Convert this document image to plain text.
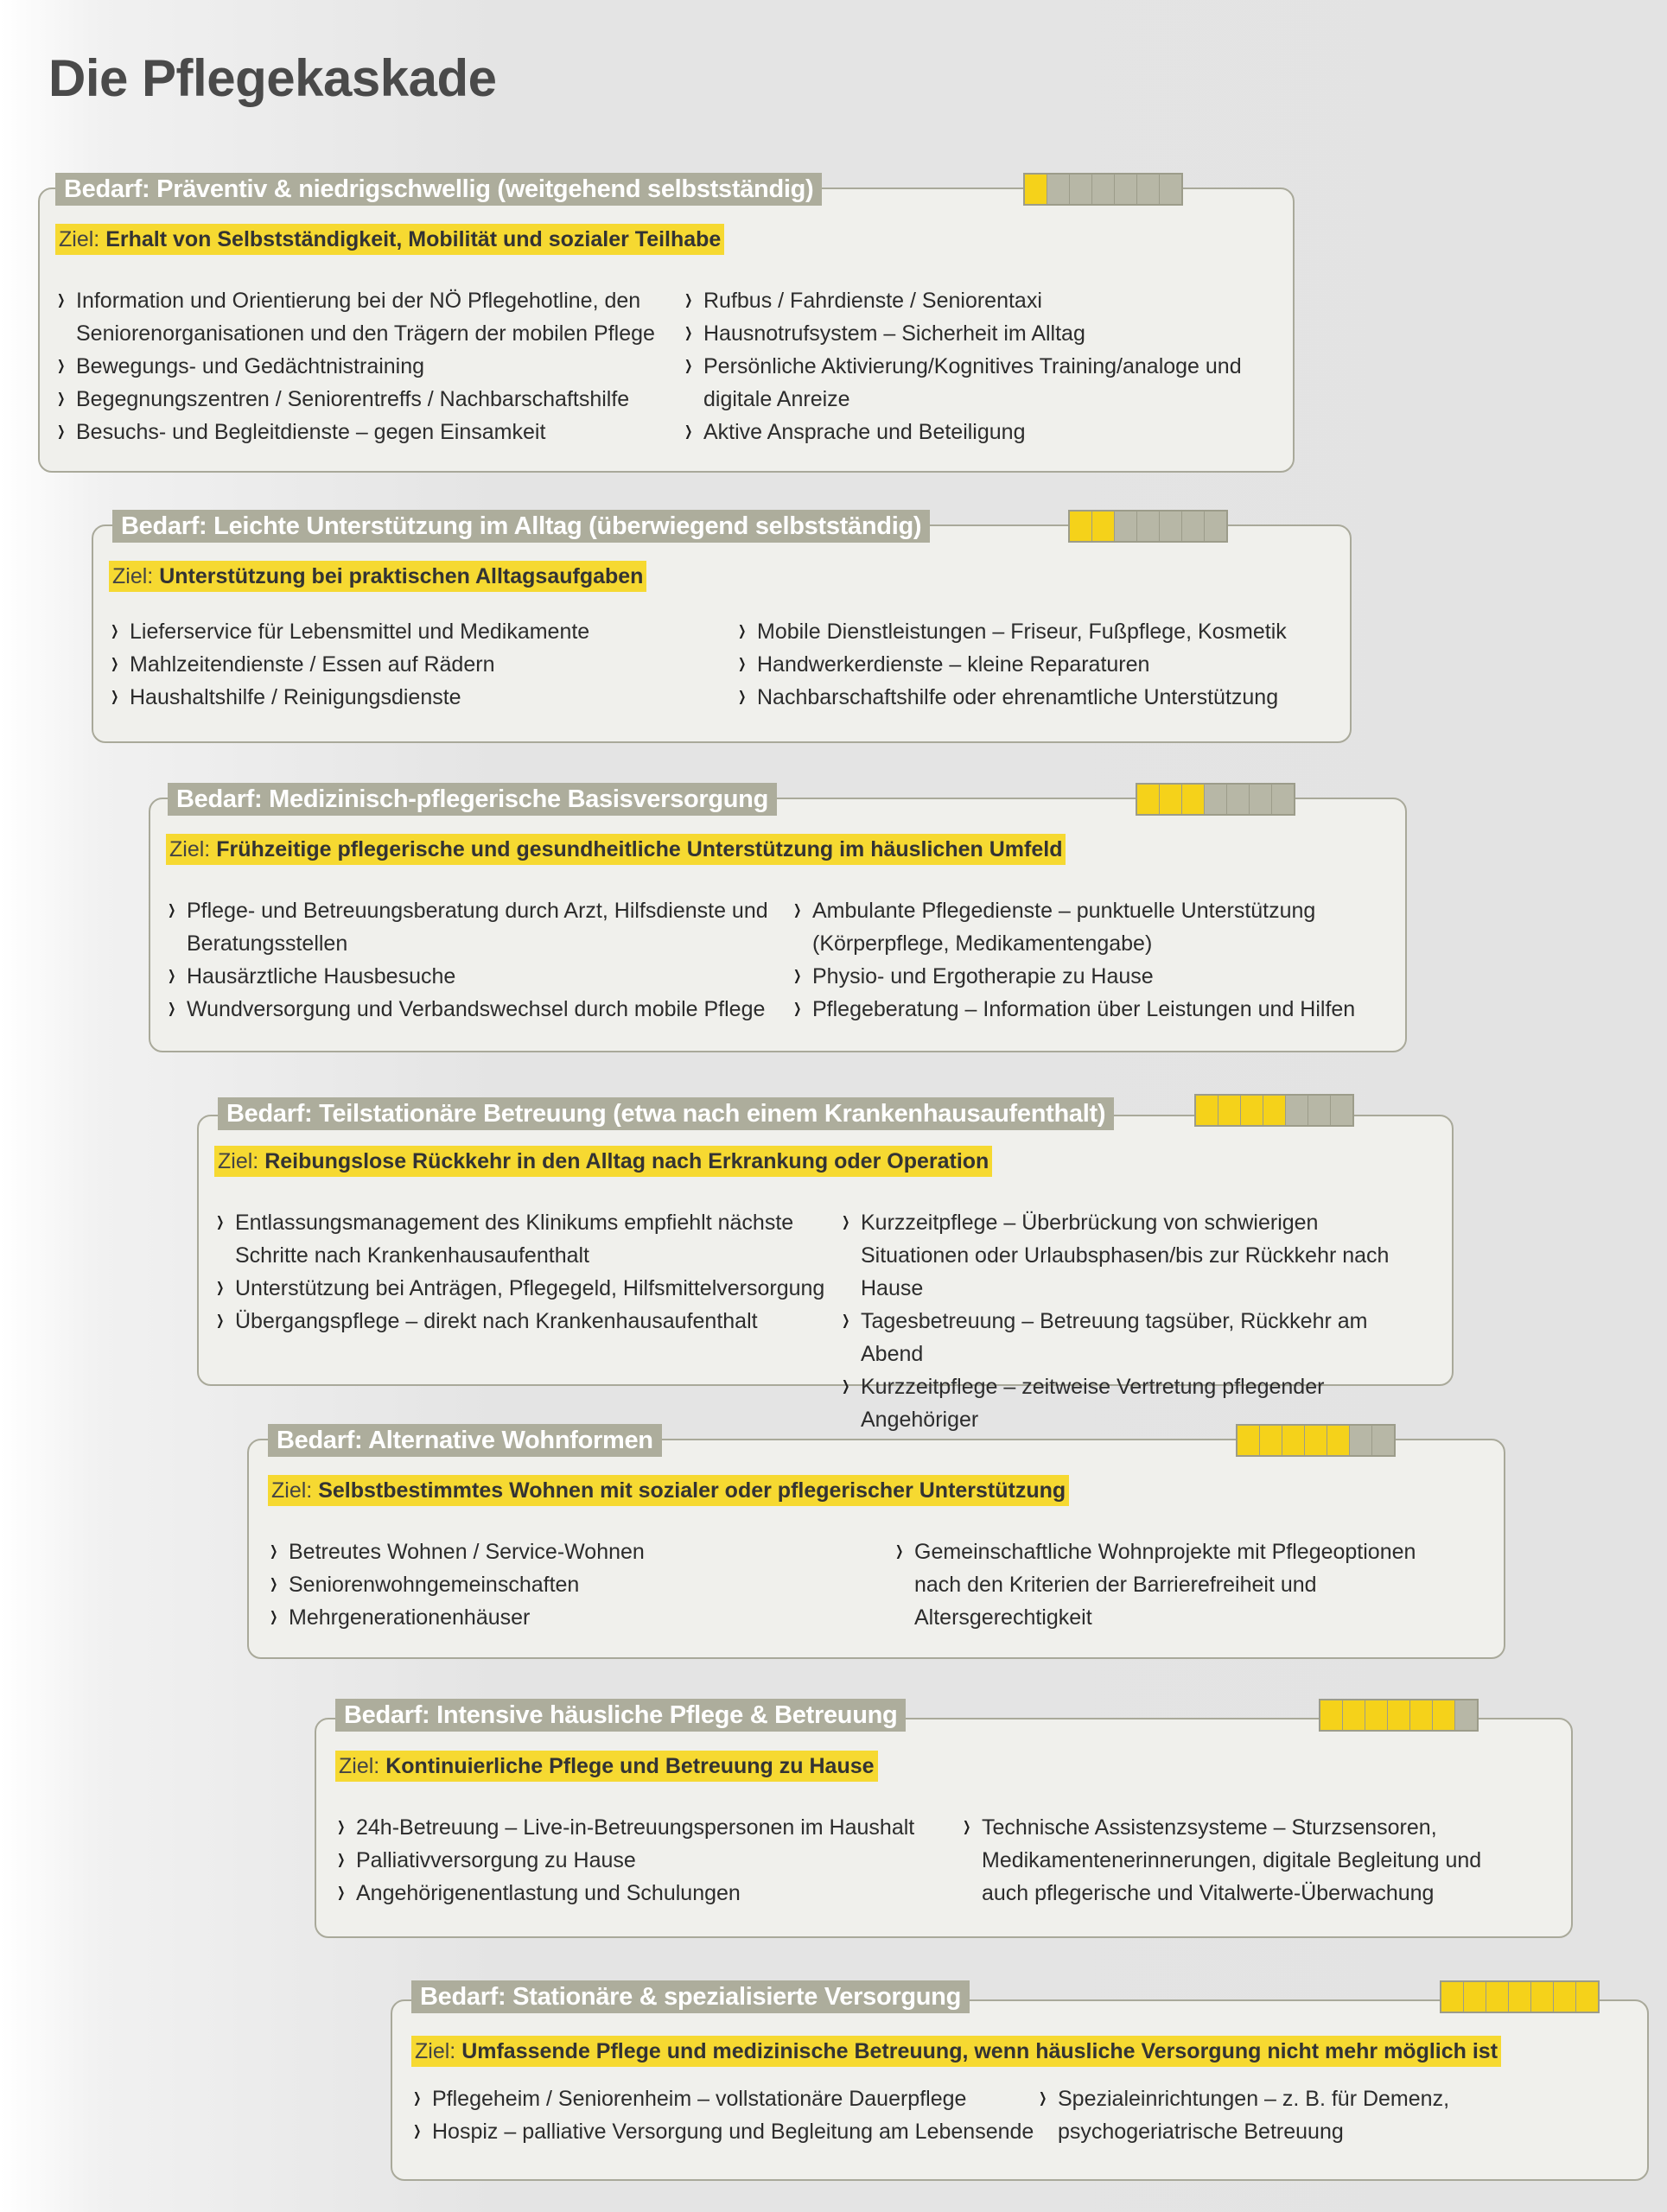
Die Pflegekaskade
Ziel: Erhalt von Selbstständigkeit, Mobilität und sozialer Teilhabe
❯ Information und Orientierung bei der NÖ Pflegehotline, den Seniorenorganisationen und den Trägern der mobilen Pflege
❯ Bewegungs- und Gedächtnistraining
❯ Begegnungszentren / Seniorentreffs / Nachbarschaftshilfe
❯ Besuchs- und Begleitdienste – gegen Einsamkeit
❯ Rufbus / Fahrdienste / Seniorentaxi
❯ Hausnotrufsystem – Sicherheit im Alltag
❯ Persönliche Aktivierung/Kognitives Training/analoge und digitale Anreize
❯ Aktive Ansprache und Beteiligung
Bedarf: Präventiv & niedrigschwellig (weitgehend selbstständig)
Ziel: Unterstützung bei praktischen Alltagsaufgaben
❯ Lieferservice für Lebensmittel und Medikamente
❯ Mahlzeitendienste / Essen auf Rädern
❯ Haushaltshilfe / Reinigungsdienste
❯ Mobile Dienstleistungen – Friseur, Fußpflege, Kosmetik
❯ Handwerkerdienste – kleine Reparaturen
❯ Nachbarschaftshilfe oder ehrenamtliche Unterstützung
Bedarf: Leichte Unterstützung im Alltag (überwiegend selbstständig)
Ziel: Frühzeitige pflegerische und gesundheitliche Unterstützung im häuslichen Umfeld
❯ Pflege- und Betreuungsberatung durch Arzt, Hilfsdienste und Beratungsstellen
❯ Hausärztliche Hausbesuche
❯ Wundversorgung und Verbandswechsel durch mobile Pflege
❯ Ambulante Pflegedienste – punktuelle Unterstützung (Körperpflege, Medikamentengabe)
❯ Physio- und Ergotherapie zu Hause
❯ Pflegeberatung – Information über Leistungen und Hilfen
Bedarf: Medizinisch-pflegerische Basisversorgung
Ziel: Reibungslose Rückkehr in den Alltag nach Erkrankung oder Operation
❯ Entlassungsmanagement des Klinikums empfiehlt nächste Schritte nach Krankenhausaufenthalt
❯ Unterstützung bei Anträgen, Pflegegeld, Hilfsmittelversorgung
❯ Übergangspflege – direkt nach Krankenhausaufenthalt
❯ Kurzzeitpflege – Überbrückung von schwierigen Situationen oder Urlaubsphasen/bis zur Rückkehr nach Hause
❯ Tagesbetreuung – Betreuung tagsüber, Rückkehr am Abend
❯ Kurzzeitpflege – zeitweise Vertretung pflegender Angehöriger
Bedarf: Teilstationäre Betreuung (etwa nach einem Krankenhausaufenthalt)
Ziel: Selbstbestimmtes Wohnen mit sozialer oder pflegerischer Unterstützung
❯ Betreutes Wohnen / Service-Wohnen
❯ Seniorenwohngemeinschaften
❯ Mehrgenerationenhäuser
❯ Gemeinschaftliche Wohnprojekte mit Pflegeoptionen nach den Kriterien der Barrierefreiheit und Altersgerechtigkeit
Bedarf: Alternative Wohnformen
Ziel: Kontinuierliche Pflege und Betreuung zu Hause
❯ 24h-Betreuung – Live-in-Betreuungspersonen im Haushalt
❯ Palliativversorgung zu Hause
❯ Angehörigenentlastung und Schulungen
❯ Technische Assistenzsysteme – Sturzsensoren, Medikamentenerinnerungen, digitale Begleitung und auch pflegerische und Vitalwerte-Überwachung
Bedarf: Intensive häusliche Pflege & Betreuung
Ziel: Umfassende Pflege und medizinische Betreuung, wenn häusliche Versorgung nicht mehr möglich ist
❯ Pflegeheim / Seniorenheim – vollstationäre Dauerpflege
❯ Hospiz – palliative Versorgung und Begleitung am Lebensende
❯ Spezialeinrichtungen – z. B. für Demenz, psychogeriatrische Betreuung
Bedarf: Stationäre & spezialisierte Versorgung
